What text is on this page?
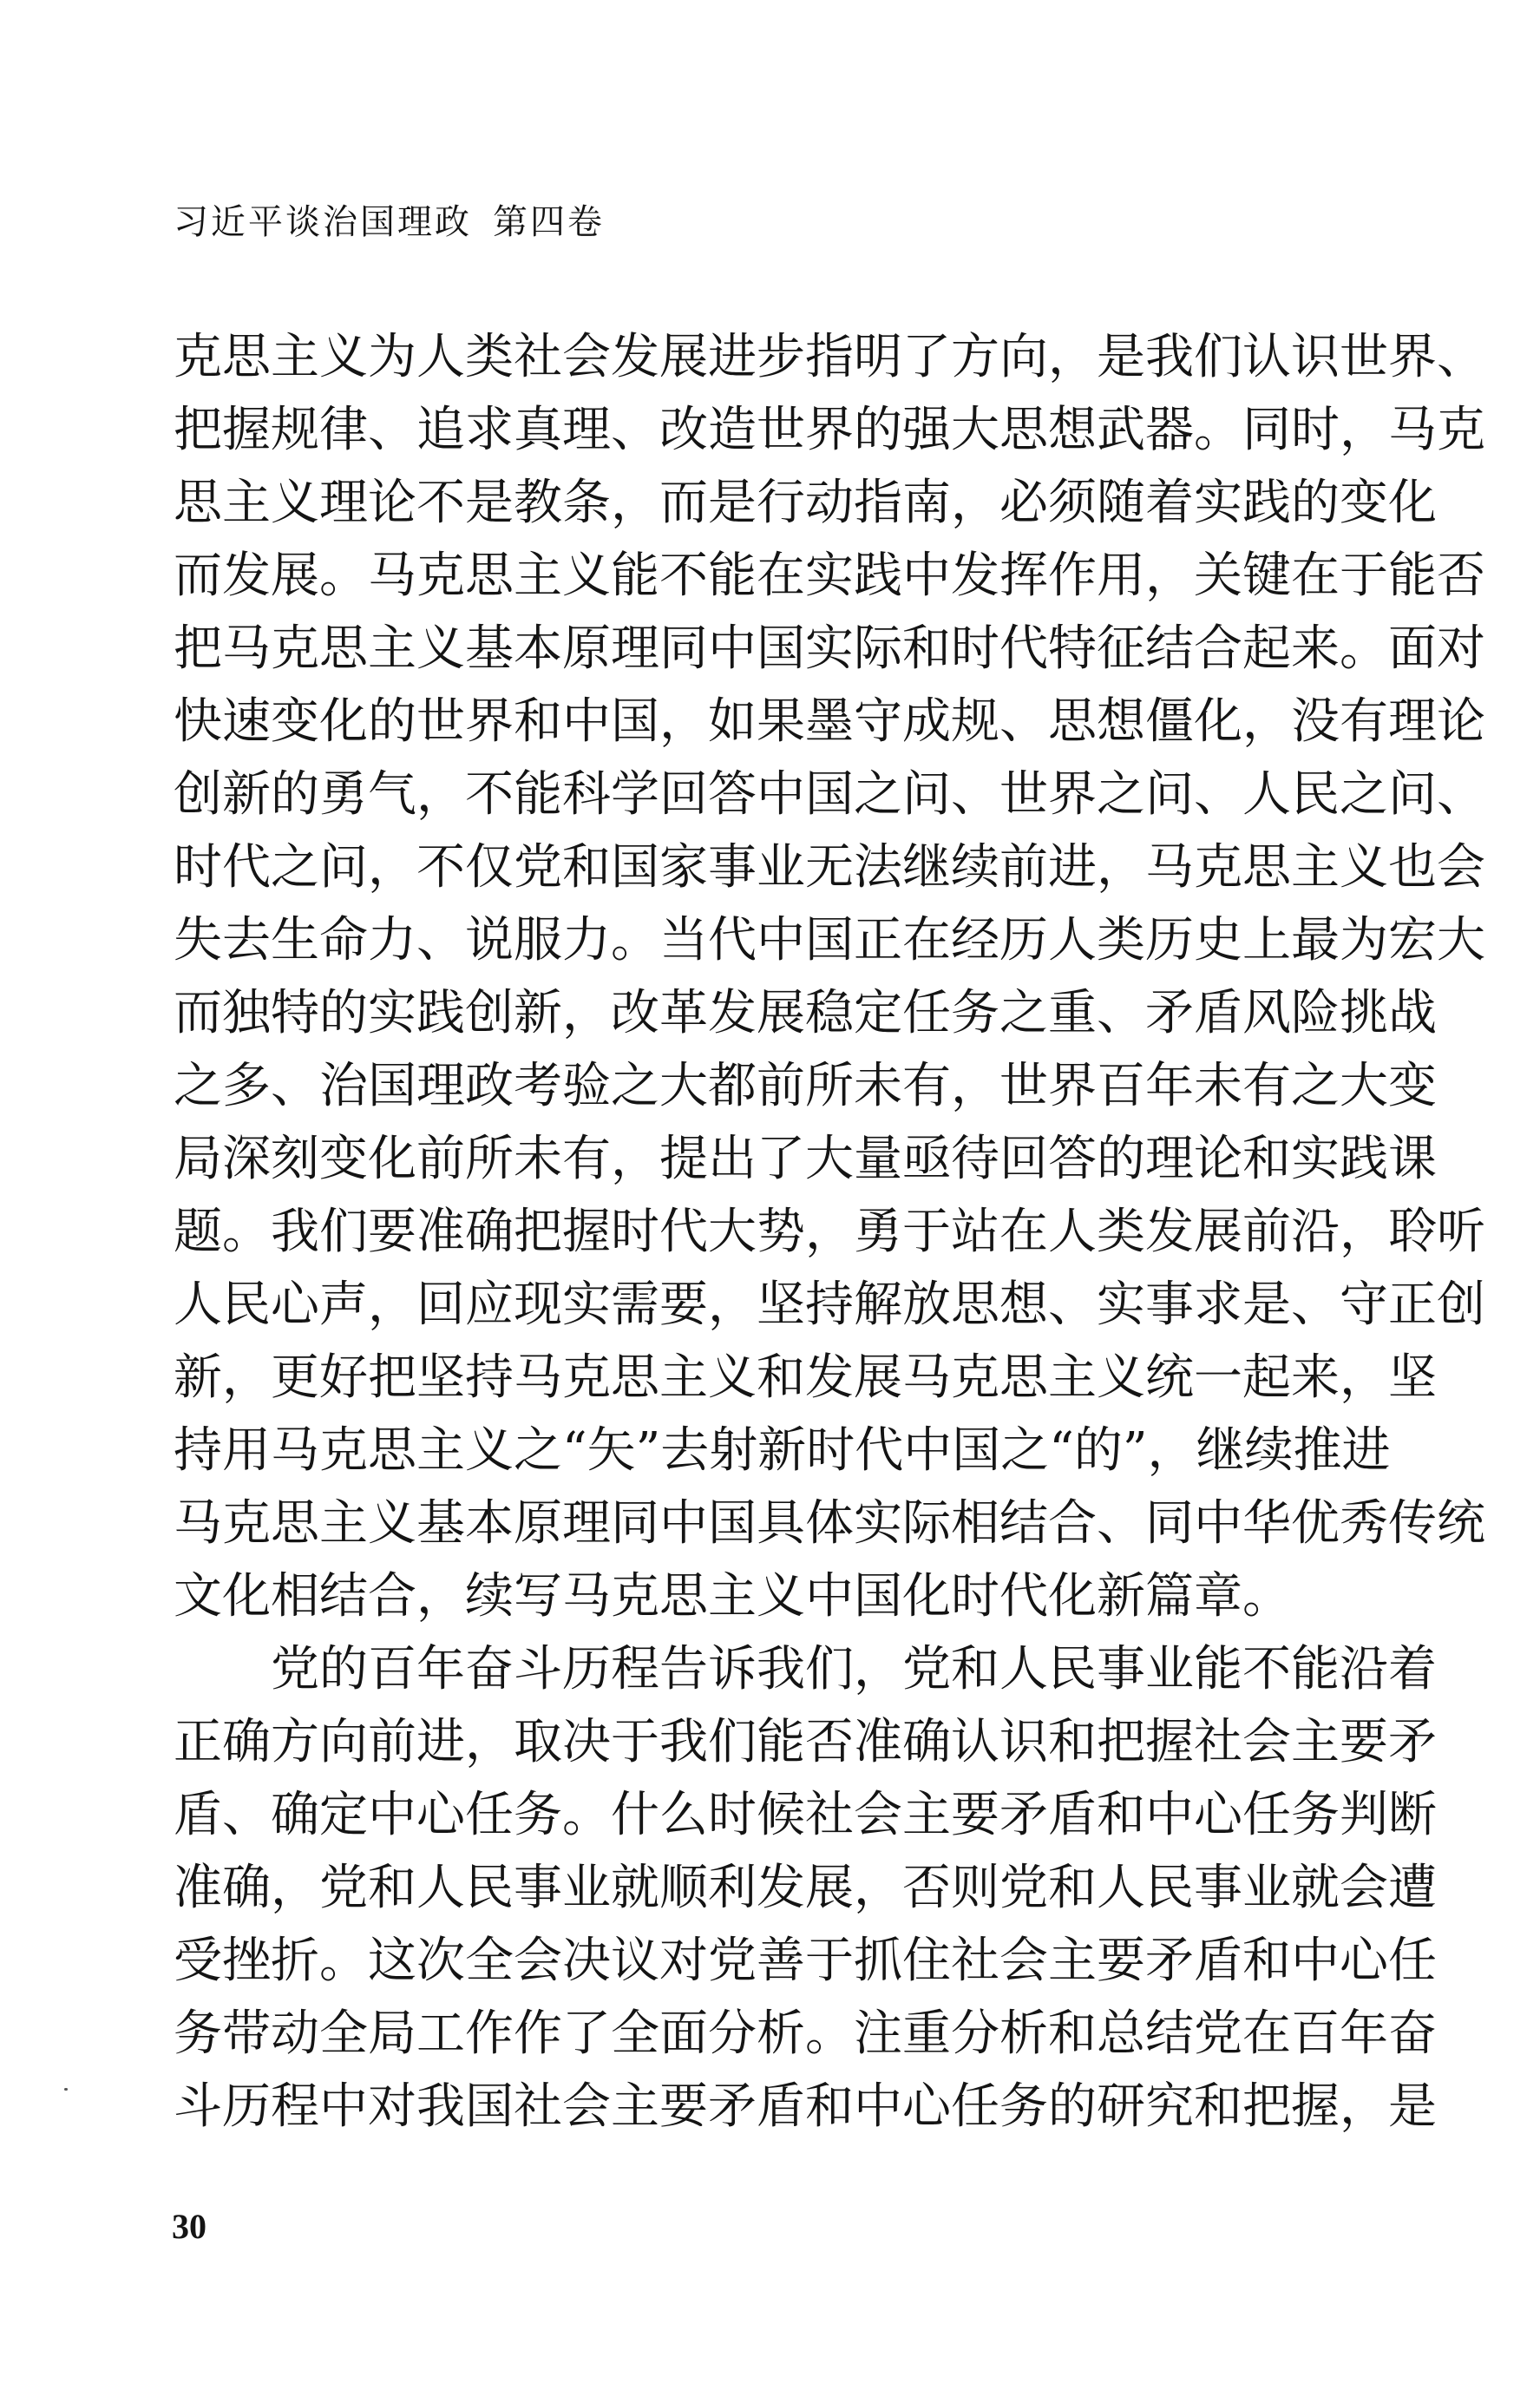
习近平谈治国理政 第四卷
克思主义为人类社会发展进步指明了方向，是我们认识世界、
把握规律、追求真理、改造世界的强大思想武器。同时，马克
思主义理论不是教条，而是行动指南，必须随着实践的变化
而发展。马克思主义能不能在实践中发挥作用，关键在于能否
把马克思主义基本原理同中国实际和时代特征结合起来。面对
快速变化的世界和中国，如果墨守成规、思想僵化，没有理论
创新的勇气，不能科学回答中国之问、世界之问、人民之问、
时代之问，不仅党和国家事业无法继续前进，马克思主义也会
失去生命力、说服力。当代中国正在经历人类历史上最为宏大
而独特的实践创新，改革发展稳定任务之重、矛盾风险挑战
之多、治国理政考验之大都前所未有，世界百年未有之大变
局深刻变化前所未有，提出了大量亟待回答的理论和实践课
题。我们要准确把握时代大势，勇于站在人类发展前沿，聆听
人民心声，回应现实需要，坚持解放思想、实事求是、守正创
新，更好把坚持马克思主义和发展马克思主义统一起来，坚
持用马克思主义之“矢”去射新时代中国之“的”，继续推进
马克思主义基本原理同中国具体实际相结合、同中华优秀传统
文化相结合，续写马克思主义中国化时代化新篇章。
党的百年奋斗历程告诉我们，党和人民事业能不能沿着
正确方向前进，取决于我们能否准确认识和把握社会主要矛
盾、确定中心任务。什么时候社会主要矛盾和中心任务判断
准确，党和人民事业就顺利发展，否则党和人民事业就会遭
受挫折。这次全会决议对党善于抓住社会主要矛盾和中心任
务带动全局工作作了全面分析。注重分析和总结党在百年奋
斗历程中对我国社会主要矛盾和中心任务的研究和把握，是
30
